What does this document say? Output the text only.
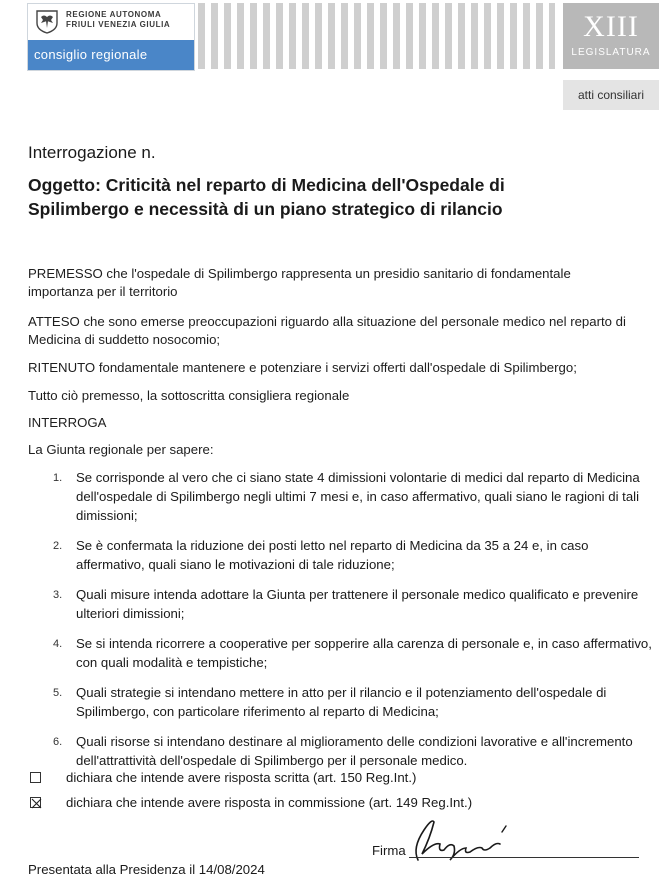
REGIONE AUTONOMA
FRIULI VENEZIA GIULIA
consiglio regionale
XIII
LEGISLATURA
atti consiliari
Interrogazione n.
Oggetto: Criticità nel reparto di Medicina dell'Ospedale di Spilimbergo e necessità di un piano strategico di rilancio
PREMESSO che l'ospedale di Spilimbergo rappresenta un presidio sanitario di fondamentale importanza per il territorio
ATTESO che sono emerse preoccupazioni riguardo alla situazione del personale medico nel reparto di Medicina di suddetto nosocomio;
RITENUTO fondamentale mantenere e potenziare i servizi offerti dall'ospedale di Spilimbergo;
Tutto ciò premesso, la sottoscritta consigliera regionale
INTERROGA
La Giunta regionale per sapere:
1. Se corrisponde al vero che ci siano state 4 dimissioni volontarie di medici dal reparto di Medicina dell'ospedale di Spilimbergo negli ultimi 7 mesi e, in caso affermativo, quali siano le ragioni di tali dimissioni;
2. Se è confermata la riduzione dei posti letto nel reparto di Medicina da 35 a 24 e, in caso affermativo, quali siano le motivazioni di tale riduzione;
3. Quali misure intenda adottare la Giunta per trattenere il personale medico qualificato e prevenire ulteriori dimissioni;
4. Se si intenda ricorrere a cooperative per sopperire alla carenza di personale e, in caso affermativo, con quali modalità e tempistiche;
5. Quali strategie si intendano mettere in atto per il rilancio e il potenziamento dell'ospedale di Spilimbergo, con particolare riferimento al reparto di Medicina;
6. Quali risorse si intendano destinare al miglioramento delle condizioni lavorative e all'incremento dell'attrattività dell'ospedale di Spilimbergo per il personale medico.
dichiara che intende avere risposta scritta (art. 150 Reg.Int.)
dichiara che intende avere risposta in commissione (art. 149 Reg.Int.)
Firma
Presentata alla Presidenza il 14/08/2024
